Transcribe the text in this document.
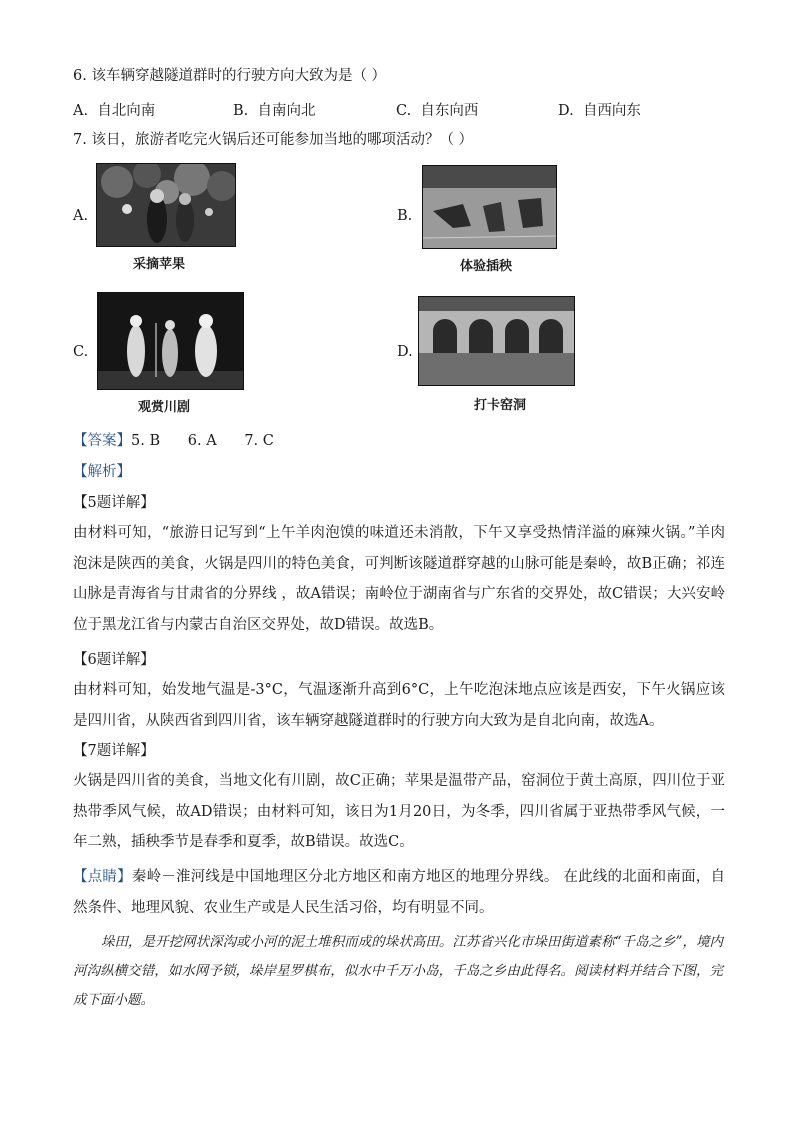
6. 该车辆穿越隧道群时的行驶方向大致为是（ ）
A. 自北向南	B. 自南向北	C. 自东向西	D. 自西向东
7. 该日，旅游者吃完火锅后还可能参加当地的哪项活动？（ ）
A.
采摘苹果
B.
体验插秧
C.
观赏川剧
D.
打卡窑洞
【答案】5. B      6. A      7. C
【解析】
【5题详解】
由材料可知，“旅游日记写到“上午羊肉泡馍的味道还未消散，下午又享受热情洋溢的麻辣火锅。”羊肉泡沫是陕西的美食，火锅是四川的特色美食，可判断该隧道群穿越的山脉可能是秦岭，故B正确；祁连山脉是青海省与甘肃省的分界线 ，故A错误；南岭位于湖南省与广东省的交界处，故C错误；大兴安岭位于黑龙江省与内蒙古自治区交界处，故D错误。故选B。
【6题详解】
由材料可知，始发地气温是-3°C，气温逐渐升高到6°C，上午吃泡沫地点应该是西安，下午火锅应该是四川省，从陕西省到四川省，该车辆穿越隧道群时的行驶方向大致为是自北向南，故选A。
【7题详解】
火锅是四川省的美食，当地文化有川剧，故C正确；苹果是温带产品，窑洞位于黄土高原，四川位于亚热带季风气候，故AD错误；由材料可知，该日为1月20日，为冬季，四川省属于亚热带季风气候，一年二熟，插秧季节是春季和夏季，故B错误。故选C。
【点睛】秦岭－淮河线是中国地理区分北方地区和南方地区的地理分界线。 在此线的北面和南面，自然条件、地理风貌、农业生产或是人民生活习俗，均有明显不同。
垛田，是开挖网状深沟或小河的泥土堆积而成的垛状高田。江苏省兴化市垛田街道素称“千岛之乡”，境内河沟纵横交错，如水网予锁，垛岸星罗棋布，似水中千万小岛，千岛之乡由此得名。阅读材料并结合下图，完成下面小题。
